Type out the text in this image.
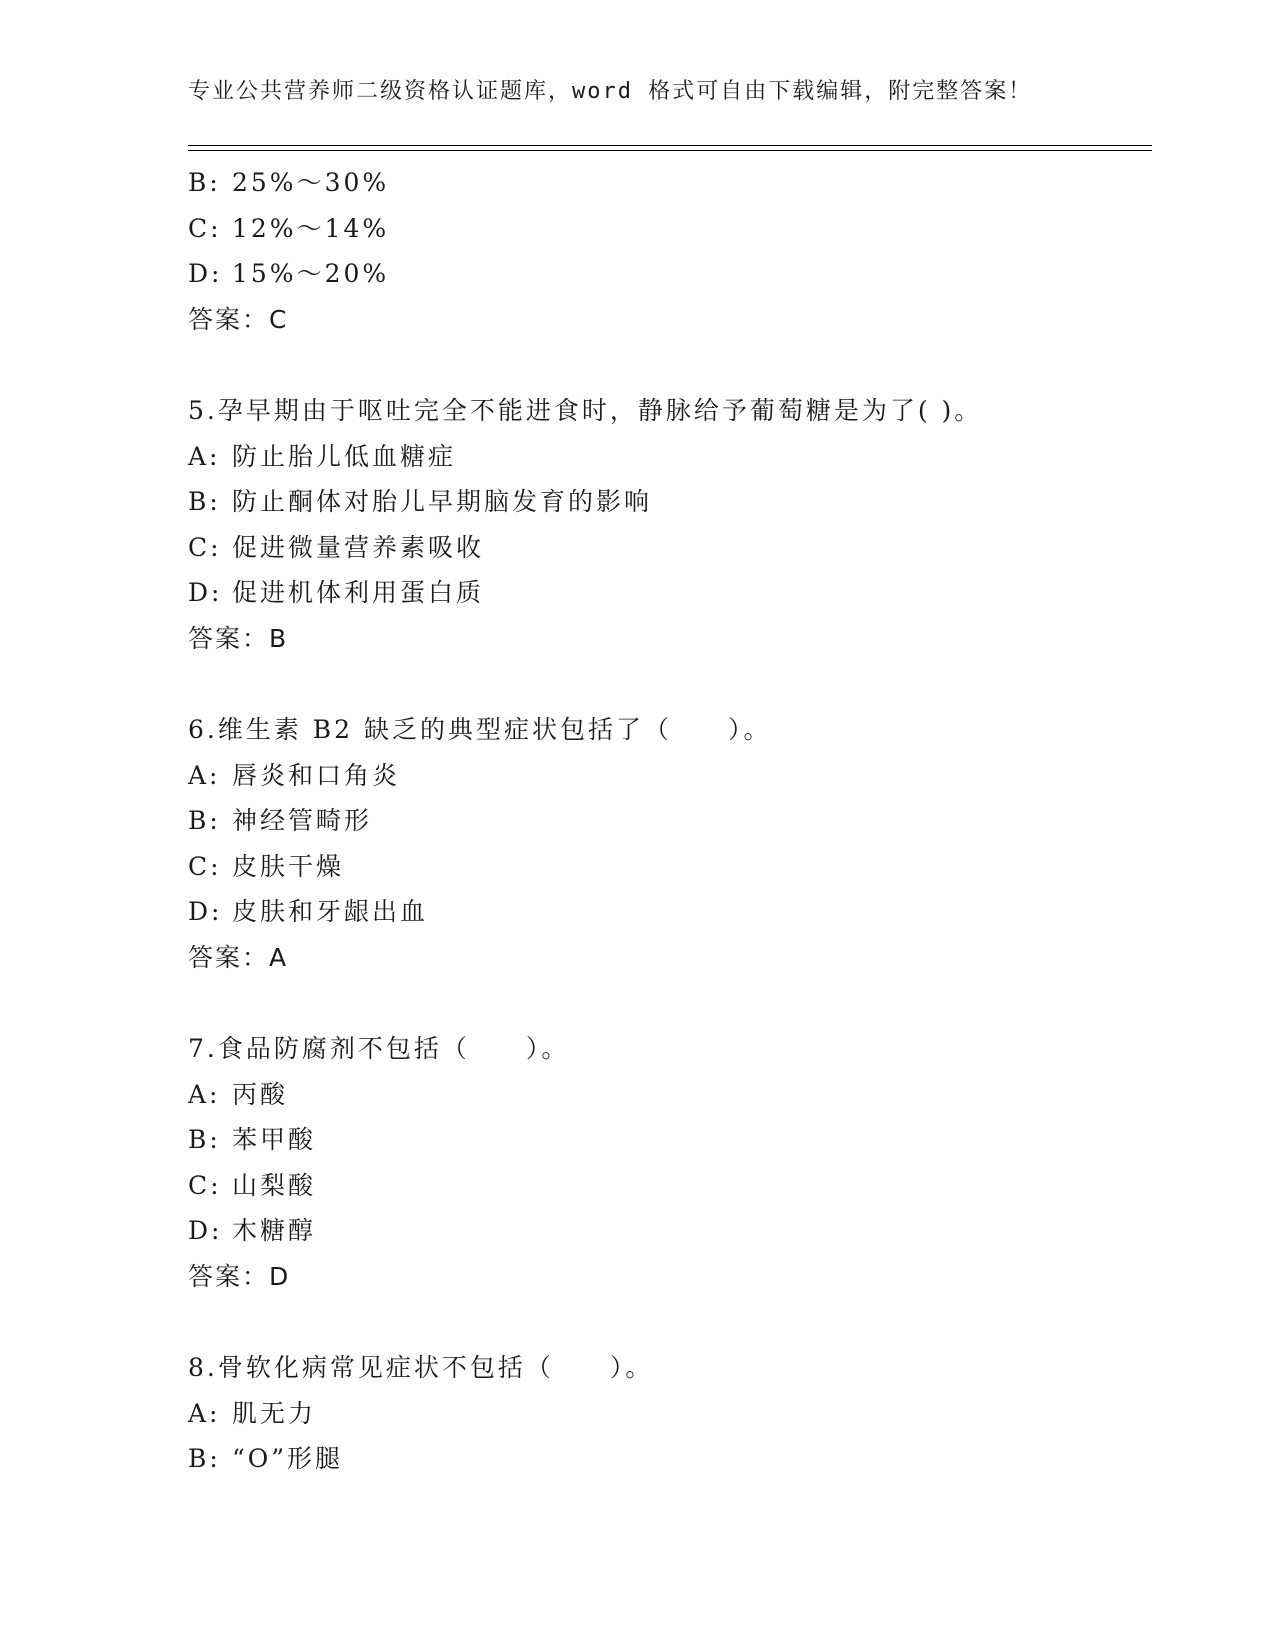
专业公共营养师二级资格认证题库，word 格式可自由下载编辑，附完整答案！
B: 25%～30%
C: 12%～14%
D: 15%～20%
答案：C
5.孕早期由于呕吐完全不能进食时，静脉给予葡萄糖是为了( )。
A: 防止胎儿低血糖症
B: 防止酮体对胎儿早期脑发育的影响
C: 促进微量营养素吸收
D: 促进机体利用蛋白质
答案：B
6.维生素 B2 缺乏的典型症状包括了（　　）。
A: 唇炎和口角炎
B: 神经管畸形
C: 皮肤干燥
D: 皮肤和牙龈出血
答案：A
7.食品防腐剂不包括（　　）。
A: 丙酸
B: 苯甲酸
C: 山梨酸
D: 木糖醇
答案：D
8.骨软化病常见症状不包括（　　）。
A: 肌无力
B: “O”形腿
